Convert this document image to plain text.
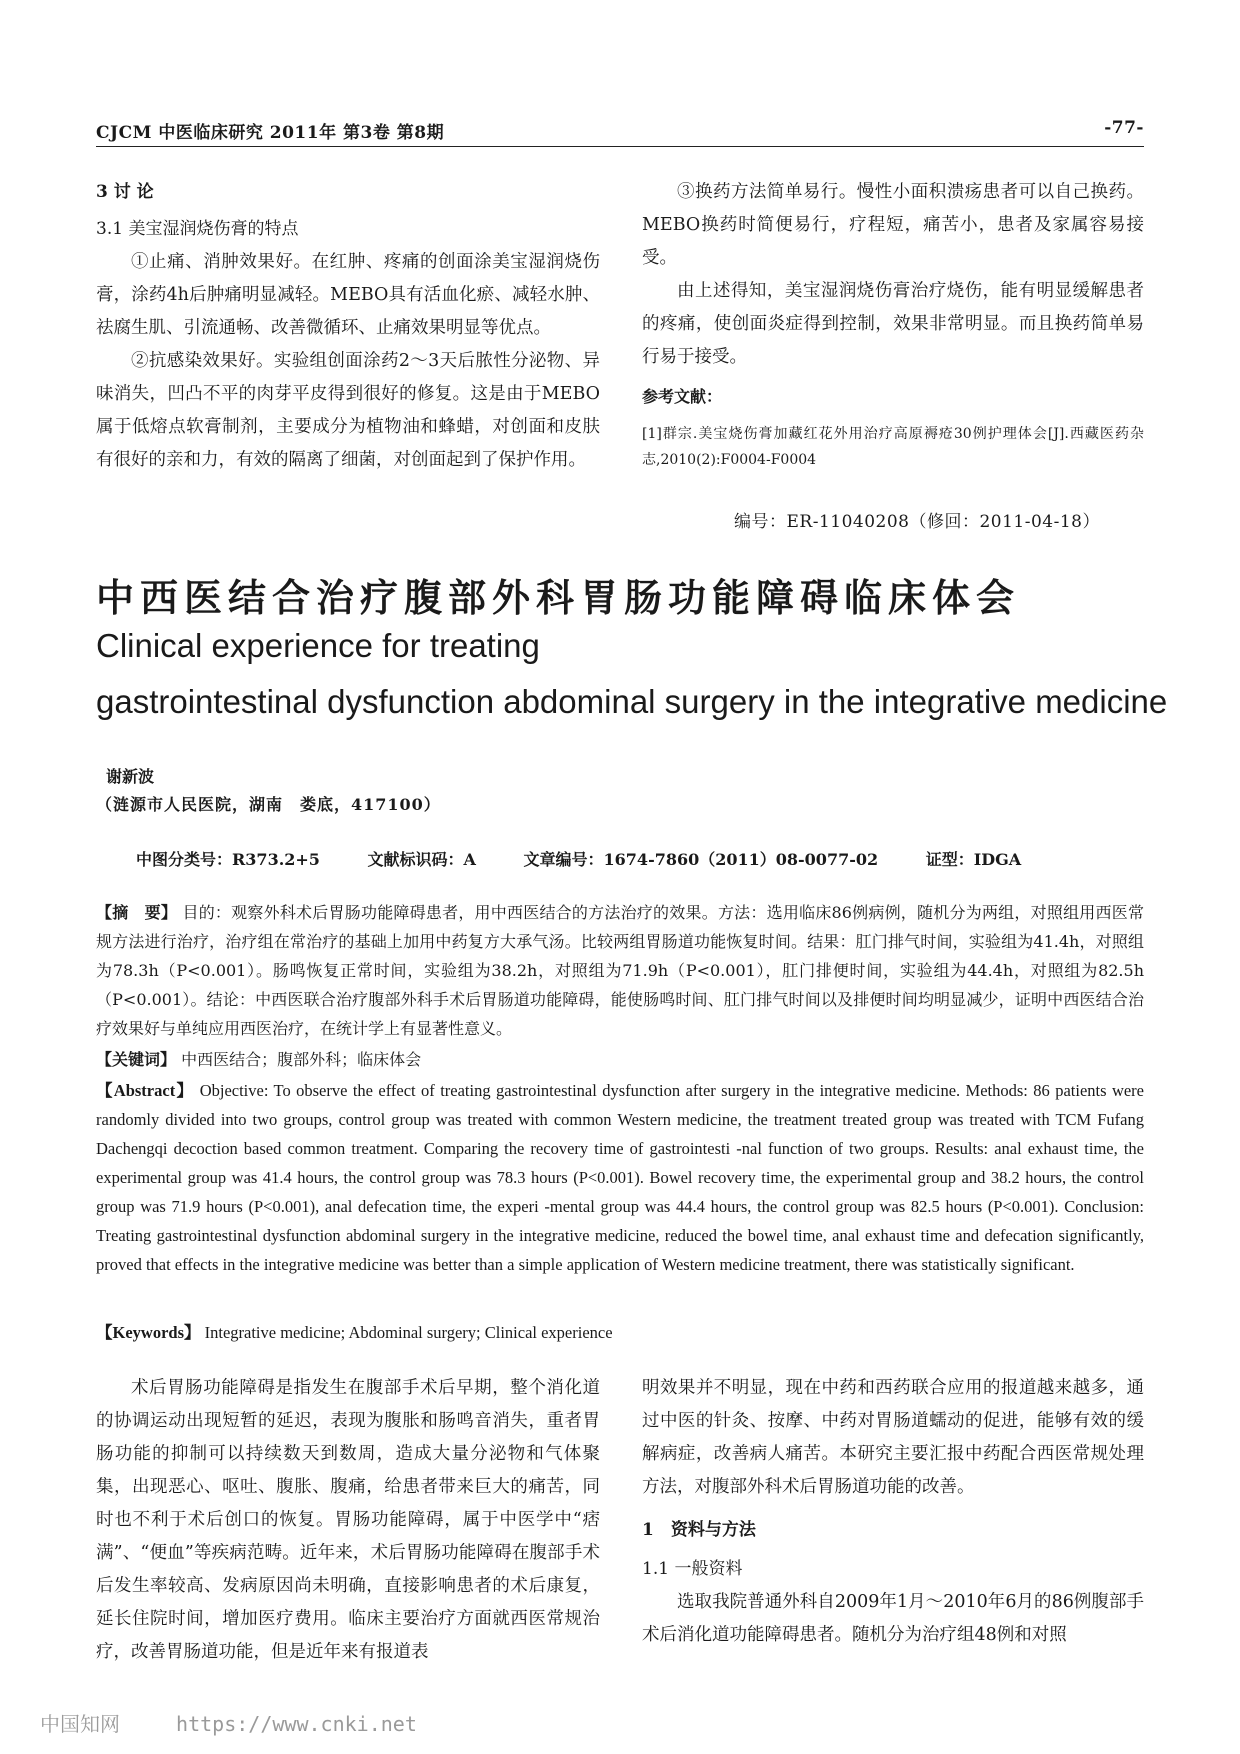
CJCM 中医临床研究 2011年 第3卷 第8期	-77-

3 讨 论

3.1 美宝湿润烧伤膏的特点

①止痛、消肿效果好。在红肿、疼痛的创面涂美宝湿润烧伤膏，涂药4h后肿痛明显减轻。MEBO具有活血化瘀、减轻水肿、祛腐生肌、引流通畅、改善微循环、止痛效果明显等优点。

②抗感染效果好。实验组创面涂药2～3天后脓性分泌物、异味消失，凹凸不平的肉芽平皮得到很好的修复。这是由于MEBO属于低熔点软膏制剂，主要成分为植物油和蜂蜡，对创面和皮肤有很好的亲和力，有效的隔离了细菌，对创面起到了保护作用。

③换药方法简单易行。慢性小面积溃疡患者可以自己换药。MEBO换药时简便易行，疗程短，痛苦小，患者及家属容易接受。

由上述得知，美宝湿润烧伤膏治疗烧伤，能有明显缓解患者的疼痛，使创面炎症得到控制，效果非常明显。而且换药简单易行易于接受。

参考文献：

[1]群宗.美宝烧伤膏加藏红花外用治疗高原褥疮30例护理体会[J].西藏医药杂志,2010(2):F0004-F0004

编号：ER-11040208（修回：2011-04-18）
中西医结合治疗腹部外科胃肠功能障碍临床体会
Clinical experience for treating
gastrointestinal dysfunction abdominal surgery in the integrative medicine
谢新波
（涟源市人民医院，湖南　娄底，417100）
中图分类号：R373.2+5	文献标识码：A	文章编号：1674-7860（2011）08-0077-02	证型：IDGA
【摘　要】 目的：观察外科术后胃肠功能障碍患者，用中西医结合的方法治疗的效果。方法：选用临床86例病例，随机分为两组，对照组用西医常规方法进行治疗，治疗组在常治疗的基础上加用中药复方大承气汤。比较两组胃肠道功能恢复时间。结果：肛门排气时间，实验组为41.4h，对照组为78.3h（P<0.001）。肠鸣恢复正常时间，实验组为38.2h，对照组为71.9h（P<0.001），肛门排便时间，实验组为44.4h，对照组为82.5h（P<0.001）。结论：中西医联合治疗腹部外科手术后胃肠道功能障碍，能使肠鸣时间、肛门排气时间以及排便时间均明显减少，证明中西医结合治疗效果好与单纯应用西医治疗，在统计学上有显著性意义。
【关键词】 中西医结合；腹部外科；临床体会
【Abstract】 Objective: To observe the effect of treating gastrointestinal dysfunction after surgery in the integrative medicine. Methods: 86 patients were randomly divided into two groups, control group was treated with common Western medicine, the treatment treated group was treated with TCM Fufang Dachengqi decoction based common treatment. Comparing the recovery time of gastrointesti -nal function of two groups. Results: anal exhaust time, the experimental group was 41.4 hours, the control group was 78.3 hours (P<0.001). Bowel recovery time, the experimental group and 38.2 hours, the control group was 71.9 hours (P<0.001), anal defecation time, the experi -mental group was 44.4 hours, the control group was 82.5 hours (P<0.001). Conclusion: Treating gastrointestinal dysfunction abdominal surgery in the integrative medicine, reduced the bowel time, anal exhaust time and defecation significantly, proved that effects in the integrative medicine was better than a simple application of Western medicine treatment, there was statistically significant.
【Keywords】 Integrative medicine; Abdominal surgery; Clinical experience

术后胃肠功能障碍是指发生在腹部手术后早期，整个消化道的协调运动出现短暂的延迟，表现为腹胀和肠鸣音消失，重者胃肠功能的抑制可以持续数天到数周，造成大量分泌物和气体聚集，出现恶心、呕吐、腹胀、腹痛，给患者带来巨大的痛苦，同时也不利于术后创口的恢复。胃肠功能障碍，属于中医学中“痞满”、“便血”等疾病范畴。近年来，术后胃肠功能障碍在腹部手术后发生率较高、发病原因尚未明确，直接影响患者的术后康复，延长住院时间，增加医疗费用。临床主要治疗方面就西医常规治疗，改善胃肠道功能，但是近年来有报道表

明效果并不明显，现在中药和西药联合应用的报道越来越多，通过中医的针灸、按摩、中药对胃肠道蠕动的促进，能够有效的缓解病症，改善病人痛苦。本研究主要汇报中药配合西医常规处理方法，对腹部外科术后胃肠道功能的改善。

1　资料与方法

1.1 一般资料

选取我院普通外科自2009年1月～2010年6月的86例腹部手术后消化道功能障碍患者。随机分为治疗组48例和对照

中国知网	https://www.cnki.net
